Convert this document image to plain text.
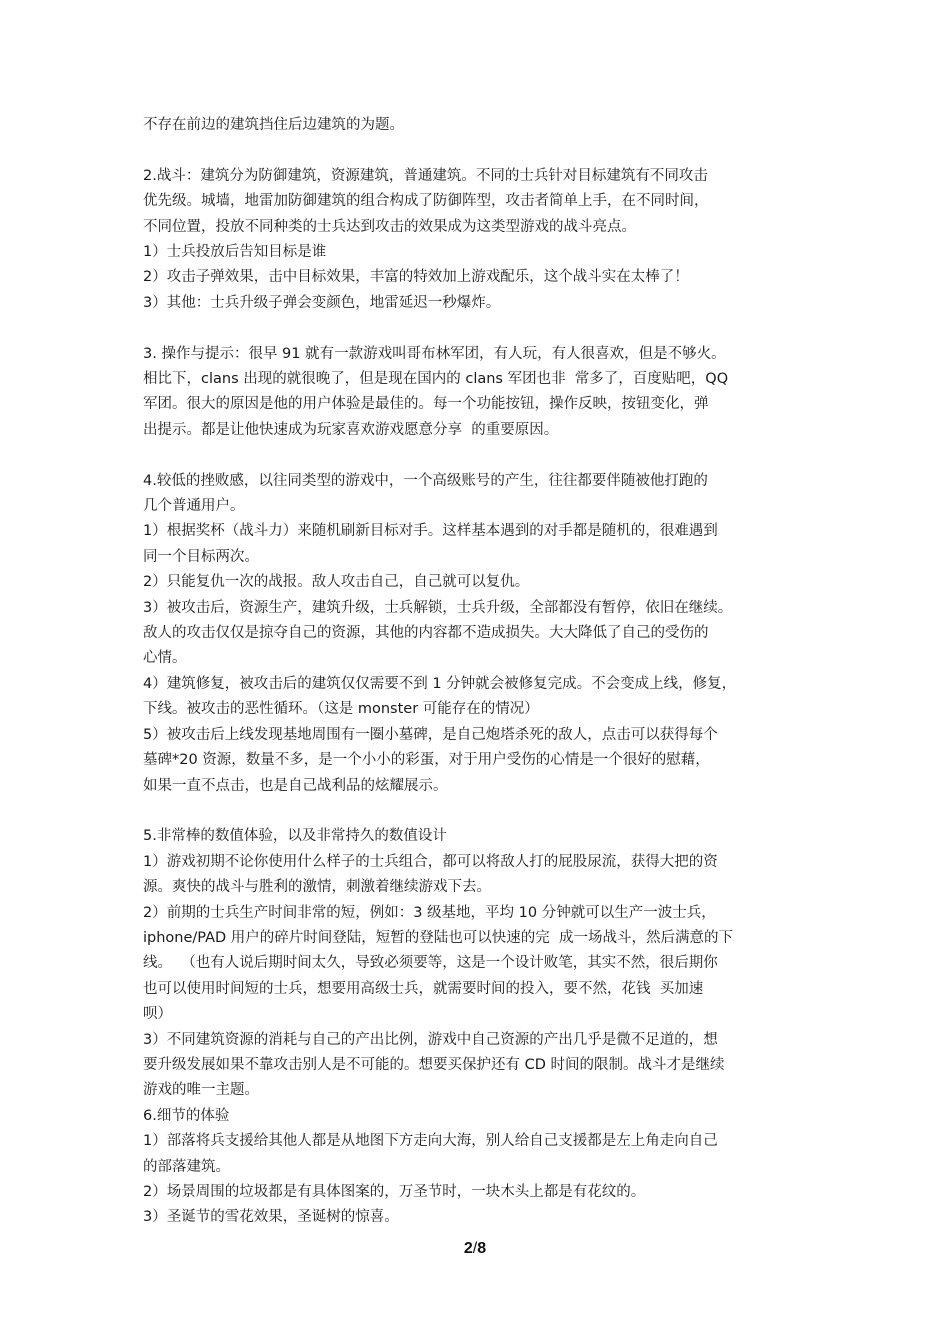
不存在前边的建筑挡住后边建筑的为题。

2.战斗：建筑分为防御建筑，资源建筑，普通建筑。不同的士兵针对目标建筑有不同攻击

优先级。城墙，地雷加防御建筑的组合构成了防御阵型，攻击者简单上手，在不同时间，

不同位置，投放不同种类的士兵达到攻击的效果成为这类型游戏的战斗亮点。

1）士兵投放后告知目标是谁

2）攻击子弹效果，击中目标效果，丰富的特效加上游戏配乐，这个战斗实在太棒了！

3）其他：士兵升级子弹会变颜色，地雷延迟一秒爆炸。

3. 操作与提示：很早 91 就有一款游戏叫哥布林军团，有人玩，有人很喜欢，但是不够火。

相比下，clans 出现的就很晚了，但是现在国内的 clans 军团也非  常多了，百度贴吧，QQ

军团。很大的原因是他的用户体验是最佳的。每一个功能按钮，操作反映，按钮变化，弹

出提示。都是让他快速成为玩家喜欢游戏愿意分享  的重要原因。

4.较低的挫败感，以往同类型的游戏中，一个高级账号的产生，往往都要伴随被他打跑的

几个普通用户。

1）根据奖杯（战斗力）来随机刷新目标对手。这样基本遇到的对手都是随机的，很难遇到

同一个目标两次。

2）只能复仇一次的战报。敌人攻击自己，自己就可以复仇。

3）被攻击后，资源生产，建筑升级，士兵解锁，士兵升级，全部都没有暂停，依旧在继续。

敌人的攻击仅仅是掠夺自己的资源，其他的内容都不造成损失。大大降低了自己的受伤的

心情。

4）建筑修复，被攻击后的建筑仅仅需要不到 1 分钟就会被修复完成。不会变成上线，修复，

下线。被攻击的恶性循环。（这是 monster 可能存在的情况）

5）被攻击后上线发现基地周围有一圈小墓碑，是自己炮塔杀死的敌人，点击可以获得每个

墓碑*20 资源，数量不多，是一个小小的彩蛋，对于用户受伤的心情是一个很好的慰藉，

如果一直不点击，也是自己战利品的炫耀展示。

5.非常棒的数值体验，以及非常持久的数值设计

1）游戏初期不论你使用什么样子的士兵组合，都可以将敌人打的屁股尿流，获得大把的资

源。爽快的战斗与胜利的激情，刺激着继续游戏下去。

2）前期的士兵生产时间非常的短，例如：3 级基地，平均 10 分钟就可以生产一波士兵，

iphone/PAD 用户的碎片时间登陆，短暂的登陆也可以快速的完  成一场战斗，然后满意的下

线。  （也有人说后期时间太久，导致必须要等，这是一个设计败笔，其实不然，很后期你

也可以使用时间短的士兵，想要用高级士兵，就需要时间的投入，要不然，花钱  买加速

呗）

3）不同建筑资源的消耗与自己的产出比例，游戏中自己资源的产出几乎是微不足道的，想

要升级发展如果不靠攻击别人是不可能的。想要买保护还有 CD 时间的限制。战斗才是继续

游戏的唯一主题。

6.细节的体验

1）部落将兵支援给其他人都是从地图下方走向大海，别人给自己支援都是左上角走向自己

的部落建筑。

2）场景周围的垃圾都是有具体图案的，万圣节时，一块木头上都是有花纹的。

3）圣诞节的雪花效果，圣诞树的惊喜。

2/8
